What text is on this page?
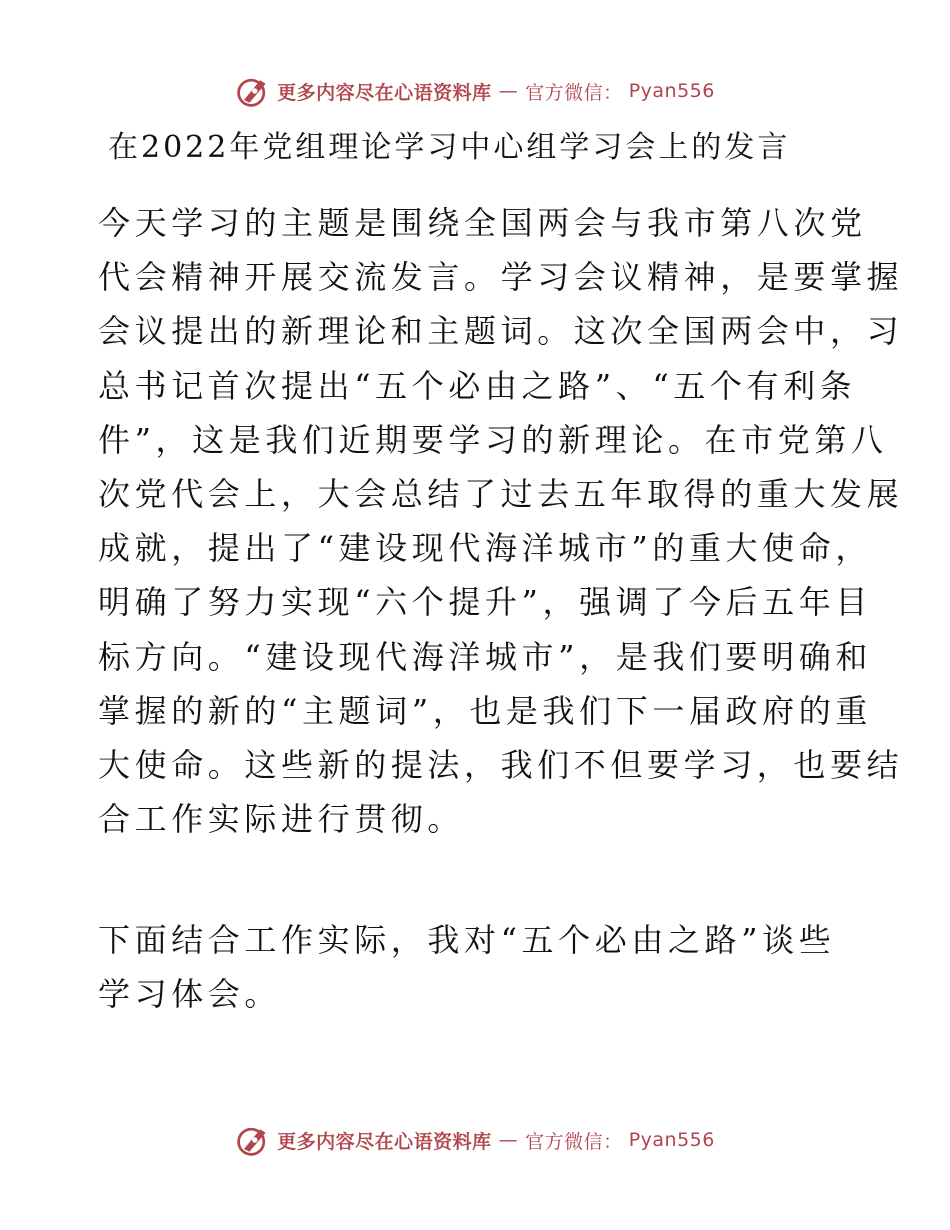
更多内容尽在心语资料库 — 官方微信： Pyan556
在2022年党组理论学习中心组学习会上的发言
今天学习的主题是围绕全国两会与我市第八次党
代会精神开展交流发言。学习会议精神，是要掌握
会议提出的新理论和主题词。这次全国两会中，习
总书记首次提出“五个必由之路”、“五个有利条
件”，这是我们近期要学习的新理论。在市党第八
次党代会上，大会总结了过去五年取得的重大发展
成就，提出了“建设现代海洋城市”的重大使命，
明确了努力实现“六个提升”，强调了今后五年目
标方向。“建设现代海洋城市”，是我们要明确和
掌握的新的“主题词”，也是我们下一届政府的重
大使命。这些新的提法，我们不但要学习，也要结
合工作实际进行贯彻。
下面结合工作实际，我对“五个必由之路”谈些
学习体会。
更多内容尽在心语资料库 — 官方微信： Pyan556
